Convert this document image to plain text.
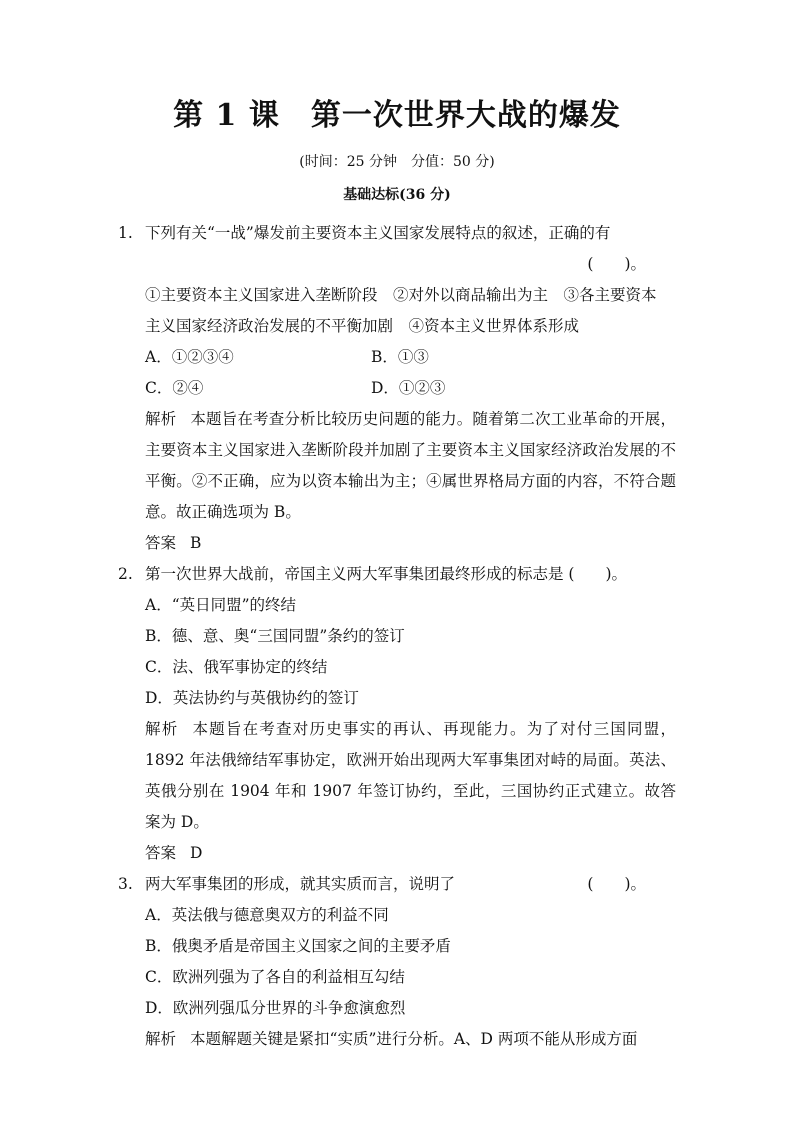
第 1 课　第一次世界大战的爆发
(时间：25 分钟　分值：50 分)
基础达标(36 分)
1. 下列有关“一战”爆发前主要资本主义国家发展特点的叙述，正确的有
(　　)。
①主要资本主义国家进入垄断阶段　②对外以商品输出为主　③各主要资本
主义国家经济政治发展的不平衡加剧　④资本主义世界体系形成
A．①②③④	B．①③
C．②④	D．①②③
解析 本题旨在考查分析比较历史问题的能力。随着第二次工业革命的开展，主要资本主义国家进入垄断阶段并加剧了主要资本主义国家经济政治发展的不平衡。②不正确，应为以资本输出为主；④属世界格局方面的内容，不符合题意。故正确选项为 B。
答案 B
2. 第一次世界大战前，帝国主义两大军事集团最终形成的标志是 (　　)。
A．“英日同盟”的终结
B．德、意、奥“三国同盟”条约的签订
C．法、俄军事协定的终结
D．英法协约与英俄协约的签订
解析 本题旨在考查对历史事实的再认、再现能力。为了对付三国同盟，1892 年法俄缔结军事协定，欧洲开始出现两大军事集团对峙的局面。英法、英俄分别在 1904 年和 1907 年签订协约，至此，三国协约正式建立。故答案为 D。
答案 D
3. 两大军事集团的形成，就其实质而言，说明了	(　　)。
A．英法俄与德意奥双方的利益不同
B．俄奥矛盾是帝国主义国家之间的主要矛盾
C．欧洲列强为了各自的利益相互勾结
D．欧洲列强瓜分世界的斗争愈演愈烈
解析 本题解题关键是紧扣“实质”进行分析。A、D 两项不能从形成方面
